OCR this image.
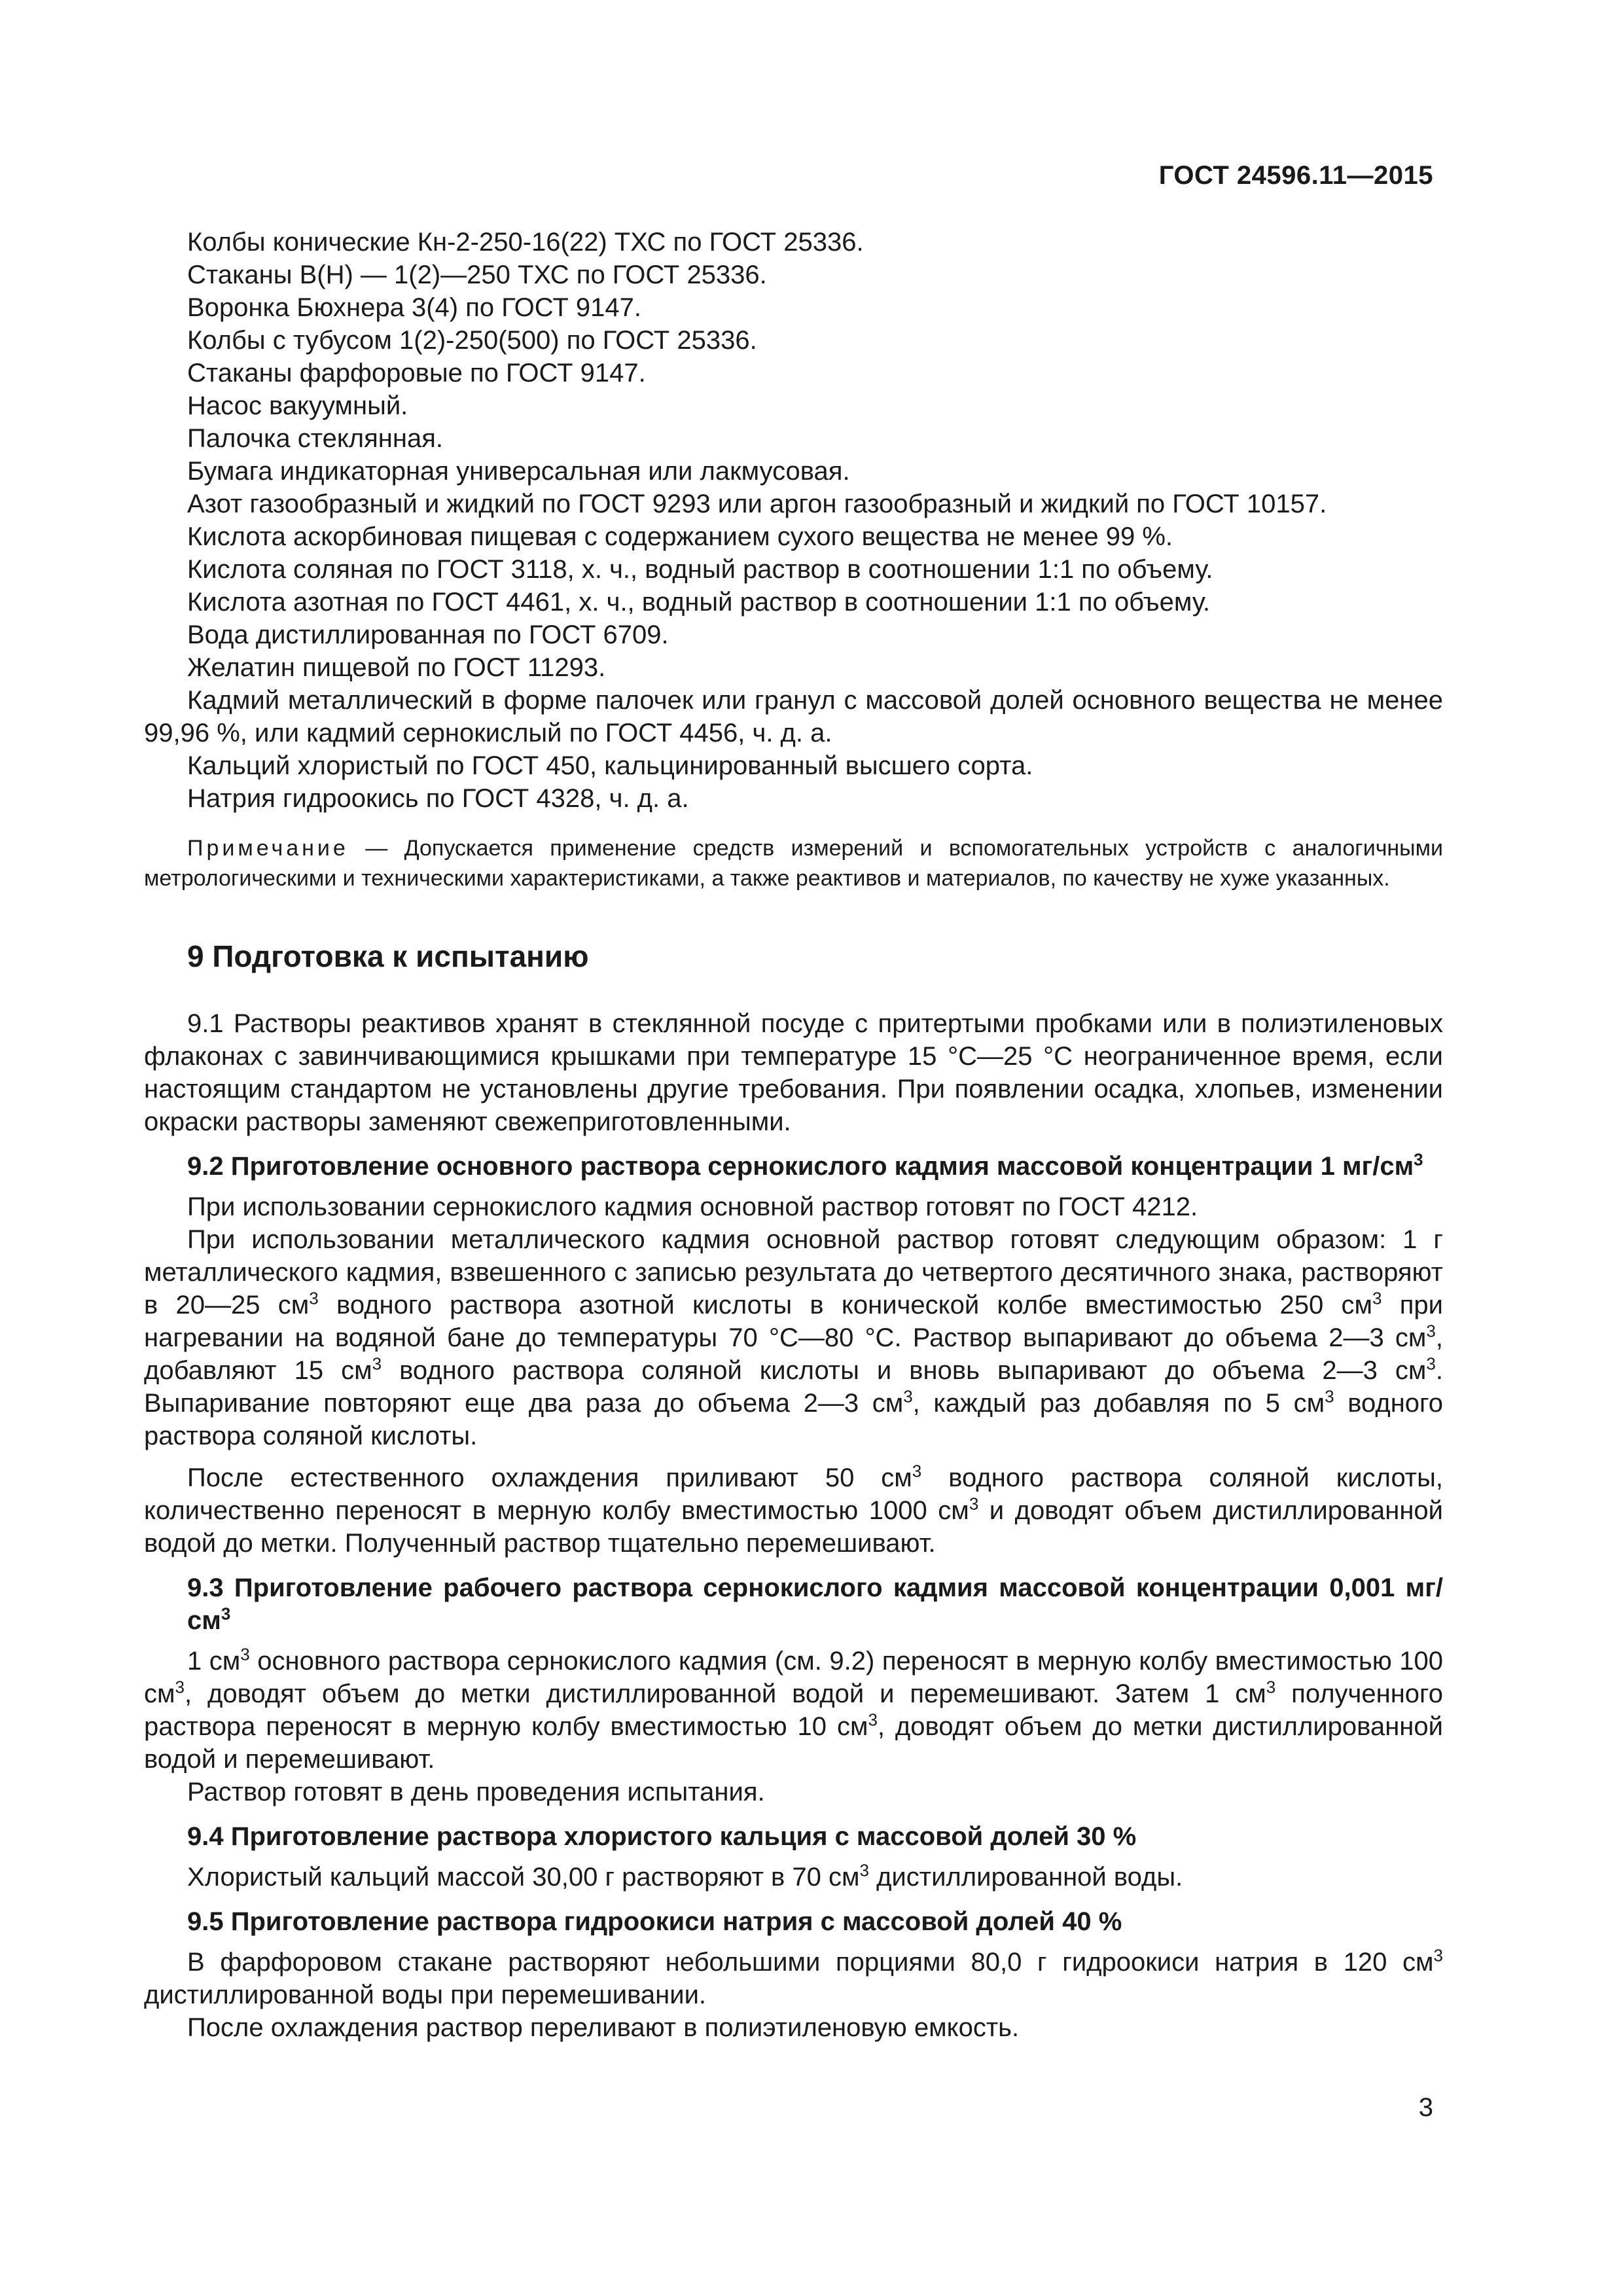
ГОСТ 24596.11—2015

Колбы конические Кн-2-250-16(22) ТХС по ГОСТ 25336.

Стаканы В(Н) — 1(2)—250 ТХС по ГОСТ 25336.

Воронка Бюхнера 3(4) по ГОСТ 9147.

Колбы с тубусом 1(2)-250(500) по ГОСТ 25336.

Стаканы фарфоровые по ГОСТ 9147.

Насос вакуумный.

Палочка стеклянная.

Бумага индикаторная универсальная или лакмусовая.

Азот газообразный и жидкий по ГОСТ 9293 или аргон газообразный и жидкий по ГОСТ 10157.

Кислота аскорбиновая пищевая с содержанием сухого вещества не менее 99 %.

Кислота соляная по ГОСТ 3118, х. ч., водный раствор в соотношении 1:1 по объему.

Кислота азотная по ГОСТ 4461, х. ч., водный раствор в соотношении 1:1 по объему.

Вода дистиллированная по ГОСТ 6709.

Желатин пищевой по ГОСТ 11293.

Кадмий металлический в форме палочек или гранул с массовой долей основного вещества не менее 99,96 %, или кадмий сернокислый по ГОСТ 4456, ч. д. а.

Кальций хлористый по ГОСТ 450, кальцинированный высшего сорта.

Натрия гидроокись по ГОСТ 4328, ч. д. а.

Примечание — Допускается применение средств измерений и вспомогательных устройств с аналогичными метрологическими и техническими характеристиками, а также реактивов и материалов, по качеству не хуже указанных.

9 Подготовка к испытанию

9.1 Растворы реактивов хранят в стеклянной посуде с притертыми пробками или в полиэтиленовых флаконах с завинчивающимися крышками при температуре 15 °С—25 °С неограниченное время, если настоящим стандартом не установлены другие требования. При появлении осадка, хлопьев, изменении окраски растворы заменяют свежеприготовленными.

9.2 Приготовление основного раствора сернокислого кадмия массовой концентрации 1 $мг/см^3$

При использовании сернокислого кадмия основной раствор готовят по ГОСТ 4212.

При использовании металлического кадмия основной раствор готовят следующим образом: 1 г металлического кадмия, взвешенного с записью результата до четвертого десятичного знака, растворяют в 20—25 $см^3$ водного раствора азотной кислоты в конической колбе вместимостью 250 $см^3$ при нагревании на водяной бане до температуры 70 °С—80 °С. Раствор выпаривают до объема 2—3 $см^3$, добавляют 15 $см^3$ водного раствора соляной кислоты и вновь выпаривают до объема 2—3 $см^3$. Выпаривание повторяют еще два раза до объема 2—3 $см^3$, каждый раз добавляя по 5 $см^3$ водного раствора соляной кислоты.

После естественного охлаждения приливают 50 $см^3$ водного раствора соляной кислоты, количественно переносят в мерную колбу вместимостью 1000 $см^3$ и доводят объем дистиллированной водой до метки. Полученный раствор тщательно перемешивают.

9.3 Приготовление рабочего раствора сернокислого кадмия массовой концентрации 0,001 $мг/см^3$

1 $см^3$ основного раствора сернокислого кадмия (см. 9.2) переносят в мерную колбу вместимостью 100 $см^3$, доводят объем до метки дистиллированной водой и перемешивают. Затем 1 $см^3$ полученного раствора переносят в мерную колбу вместимостью 10 $см^3$, доводят объем до метки дистиллированной водой и перемешивают.

Раствор готовят в день проведения испытания.

9.4 Приготовление раствора хлористого кальция с массовой долей 30 %

Хлористый кальций массой 30,00 г растворяют в 70 $см^3$ дистиллированной воды.

9.5 Приготовление раствора гидроокиси натрия с массовой долей 40 %

В фарфоровом стакане растворяют небольшими порциями 80,0 г гидроокиси натрия в 120 $см^3$ дистиллированной воды при перемешивании.

После охлаждения раствор переливают в полиэтиленовую емкость.

3
